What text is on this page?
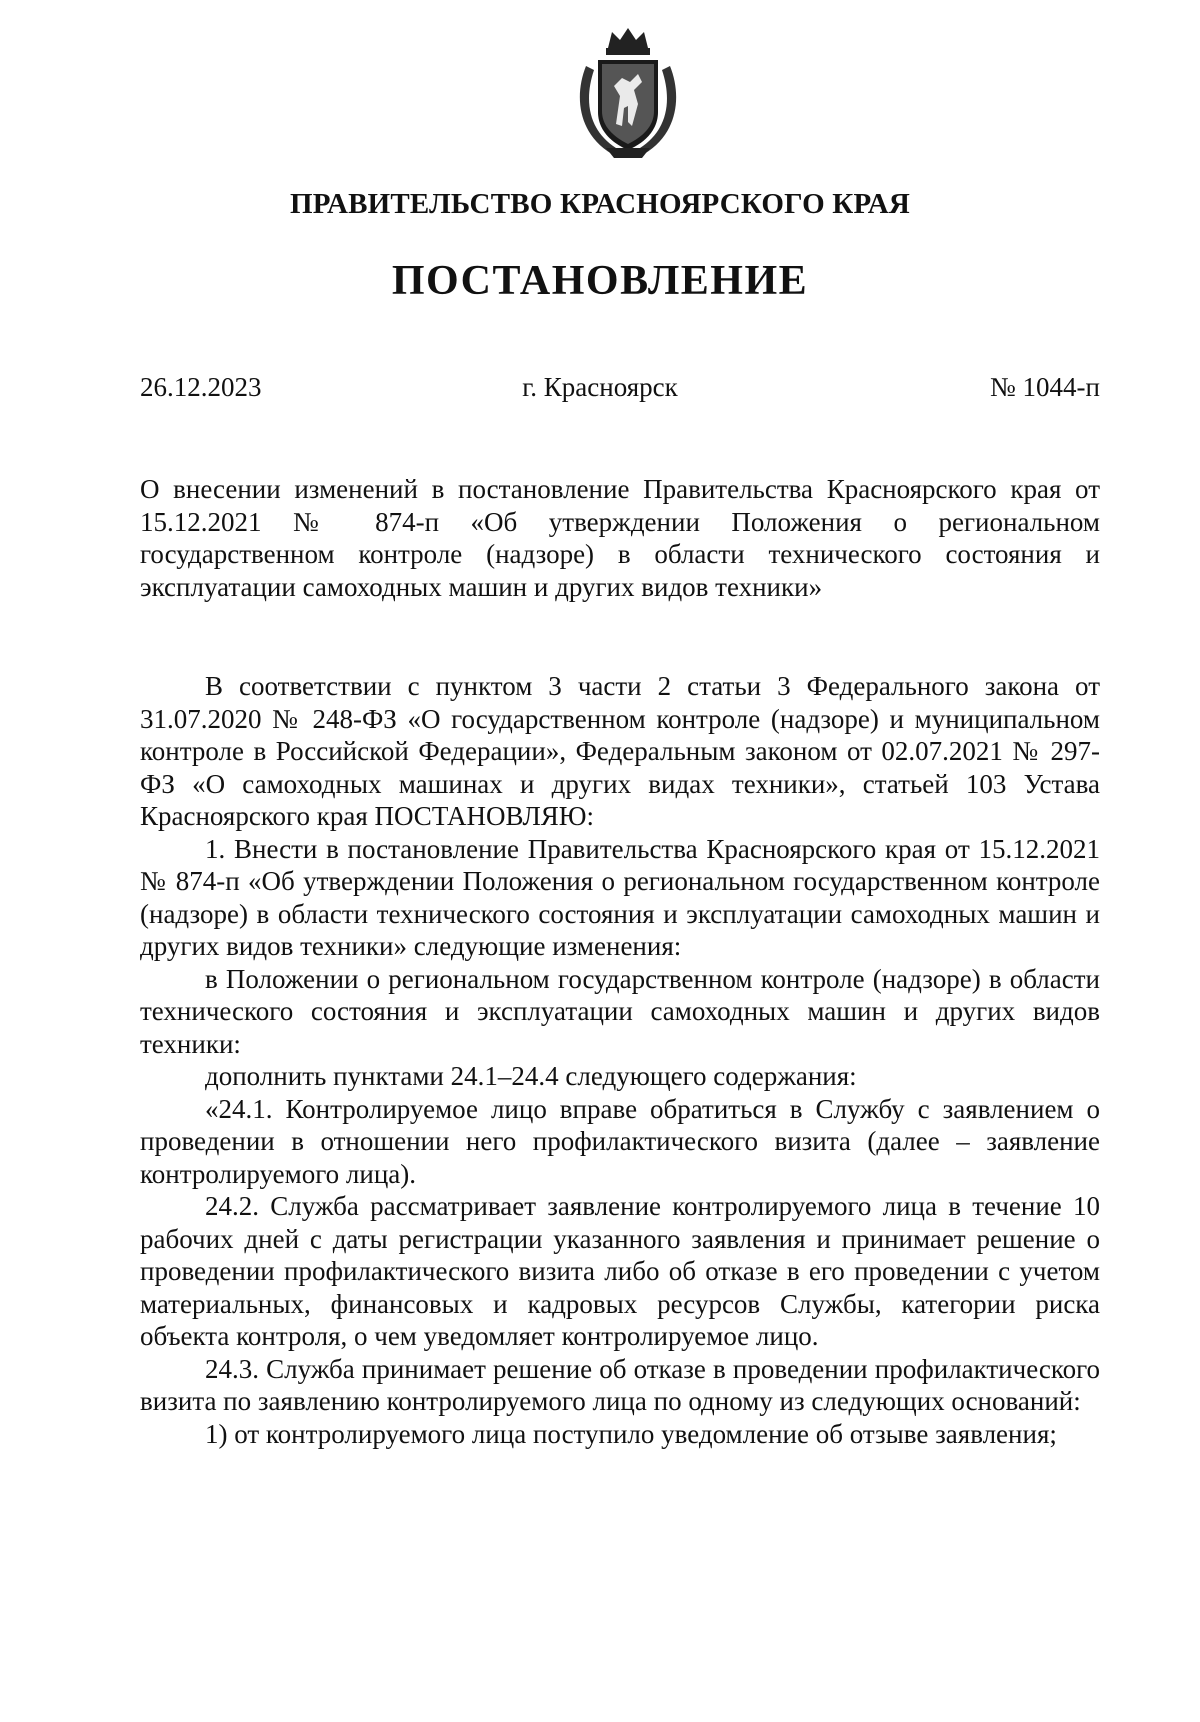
ПРАВИТЕЛЬСТВО КРАСНОЯРСКОГО КРАЯ
ПОСТАНОВЛЕНИЕ
26.12.2023	г. Красноярск	№ 1044-п
О внесении изменений в постановление Правительства Красноярского края от 15.12.2021 № 874-п «Об утверждении Положения о региональном государственном контроле (надзоре) в области технического состояния и эксплуатации самоходных машин и других видов техники»

В соответствии с пунктом 3 части 2 статьи 3 Федерального закона от 31.07.2020 № 248-ФЗ «О государственном контроле (надзоре) и муниципальном контроле в Российской Федерации», Федеральным законом от 02.07.2021 № 297-ФЗ «О самоходных машинах и других видах техники», статьей 103 Устава Красноярского края ПОСТАНОВЛЯЮ:

1. Внести в постановление Правительства Красноярского края от 15.12.2021 № 874-п «Об утверждении Положения о региональном государственном контроле (надзоре) в области технического состояния и эксплуатации самоходных машин и других видов техники» следующие изменения:

в Положении о региональном государственном контроле (надзоре) в области технического состояния и эксплуатации самоходных машин и других видов техники:

дополнить пунктами 24.1–24.4 следующего содержания:

«24.1. Контролируемое лицо вправе обратиться в Службу с заявлением о проведении в отношении него профилактического визита (далее – заявление контролируемого лица).

24.2. Служба рассматривает заявление контролируемого лица в течение 10 рабочих дней с даты регистрации указанного заявления и принимает решение о проведении профилактического визита либо об отказе в его проведении с учетом материальных, финансовых и кадровых ресурсов Службы, категории риска объекта контроля, о чем уведомляет контролируемое лицо.

24.3. Служба принимает решение об отказе в проведении профилактического визита по заявлению контролируемого лица по одному из следующих оснований:

1) от контролируемого лица поступило уведомление об отзыве заявления;
